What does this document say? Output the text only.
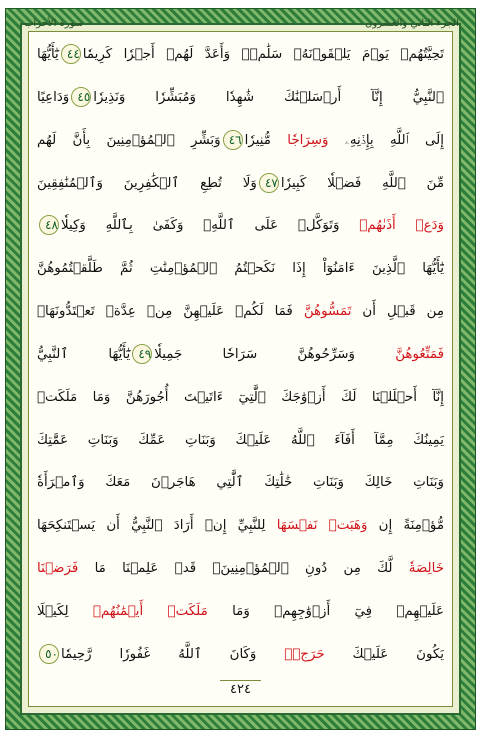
تَحِيَّتُهُمۡ يَوۡمَ يَلۡقَوۡنَهُۥ سَلَٰمٞۚ وَأَعَدَّ لَهُمۡ أَجۡرٗا كَرِيمٗا٤٤يَٰٓأَيُّهَا
ٱلنَّبِيُّ إِنَّآ أَرۡسَلۡنَٰكَ شَٰهِدٗا وَمُبَشِّرٗا وَنَذِيرٗا٤٥وَدَاعِيًا
إِلَى ٱللَّهِ بِإِذۡنِهِۦ وَسِرَاجٗا مُّنِيرٗا٤٦وَبَشِّرِ ٱلۡمُؤۡمِنِينَ بِأَنَّ لَهُم
مِّنَ ٱللَّهِ فَضۡلٗا كَبِيرٗا٤٧وَلَا تُطِعِ ٱلۡكَٰفِرِينَ وَٱلۡمُنَٰفِقِينَ
وَدَعۡ أَذَىٰهُمۡ وَتَوَكَّلۡ عَلَى ٱللَّهِۚ وَكَفَىٰ بِٱللَّهِ وَكِيلٗا٤٨
يَٰٓأَيُّهَا ٱلَّذِينَ ءَامَنُوٓاْ إِذَا نَكَحۡتُمُ ٱلۡمُؤۡمِنَٰتِ ثُمَّ طَلَّقۡتُمُوهُنَّ
مِن قَبۡلِ أَن تَمَسُّوهُنَّ فَمَا لَكُمۡ عَلَيۡهِنَّ مِنۡ عِدَّةٖ تَعۡتَدُّونَهَاۖ
فَمَتِّعُوهُنَّ وَسَرِّحُوهُنَّ سَرَاحٗا جَمِيلٗا٤٩يَٰٓأَيُّهَا ٱلنَّبِيُّ
إِنَّآ أَحۡلَلۡنَا لَكَ أَزۡوَٰجَكَ ٱلَّٰتِيٓ ءَاتَيۡتَ أُجُورَهُنَّ وَمَا مَلَكَتۡ
يَمِينُكَ مِمَّآ أَفَآءَ ٱللَّهُ عَلَيۡكَ وَبَنَاتِ عَمِّكَ وَبَنَاتِ عَمَّٰتِكَ
وَبَنَاتِ خَالِكَ وَبَنَاتِ خَٰلَٰتِكَ ٱلَّٰتِي هَاجَرۡنَ مَعَكَ وَٱمۡرَأَةٗ
مُّؤۡمِنَةً إِن وَهَبَتۡ نَفۡسَهَا لِلنَّبِيِّ إِنۡ أَرَادَ ٱلنَّبِيُّ أَن يَسۡتَنكِحَهَا
خَالِصَةٗ لَّكَ مِن دُونِ ٱلۡمُؤۡمِنِينَۗ قَدۡ عَلِمۡنَا مَا فَرَضۡنَا
عَلَيۡهِمۡ فِيٓ أَزۡوَٰجِهِمۡ وَمَا مَلَكَتۡ أَيۡمَٰنُهُمۡ لِكَيۡلَا
يَكُونَ عَلَيۡكَ حَرَجٞۗ وَكَانَ ٱللَّهُ غَفُورٗا رَّحِيمٗا٥٠
٤٢٤
سورة الأحزاب	الجزء الثاني والعشرون
